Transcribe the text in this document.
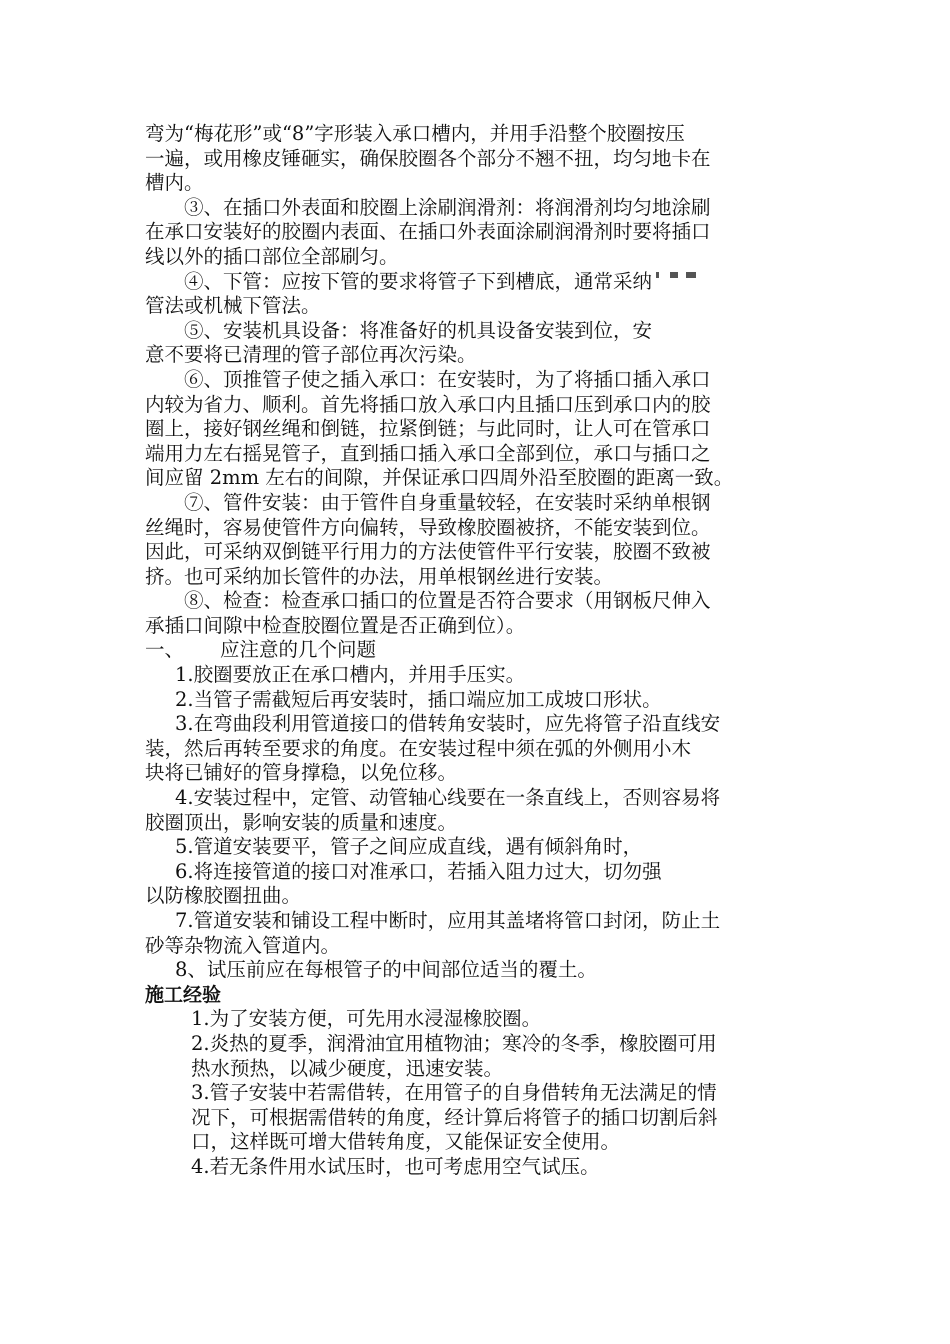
弯为“梅花形”或“8”字形装入承口槽内，并用手沿整个胶圈按压

一遍，或用橡皮锤砸实，确保胶圈各个部分不翘不扭，均匀地卡在

槽内。

③、在插口外表面和胶圈上涂刷润滑剂：将润滑剂均匀地涂刷

在承口安装好的胶圈内表面、在插口外表面涂刷润滑剂时要将插口

线以外的插口部位全部刷匀。

④、下管：应按下管的要求将管子下到槽底，通常采纳

管法或机械下管法。

⑤、安装机具设备：将准备好的机具设备安装到位，安

意不要将已清理的管子部位再次污染。

⑥、顶推管子使之插入承口：在安装时，为了将插口插入承口

内较为省力、顺利。首先将插口放入承口内且插口压到承口内的胶

圈上，接好钢丝绳和倒链，拉紧倒链；与此同时，让人可在管承口

端用力左右摇晃管子，直到插口插入承口全部到位，承口与插口之

间应留 2mm 左右的间隙，并保证承口四周外沿至胶圈的距离一致。

⑦、管件安装：由于管件自身重量较轻，在安装时采纳单根钢

丝绳时，容易使管件方向偏转，导致橡胶圈被挤，不能安装到位。

因此，可采纳双倒链平行用力的方法使管件平行安装，胶圈不致被

挤。也可采纳加长管件的办法，用单根钢丝进行安装。

⑧、检查：检查承口插口的位置是否符合要求（用钢板尺伸入

承插口间隙中检查胶圈位置是否正确到位）。

一、 应注意的几个问题

1.胶圈要放正在承口槽内，并用手压实。

2.当管子需截短后再安装时，插口端应加工成坡口形状。

3.在弯曲段利用管道接口的借转角安装时，应先将管子沿直线安

装，然后再转至要求的角度。在安装过程中须在弧的外侧用小木

块将已铺好的管身撑稳，以免位移。

4.安装过程中，定管、动管轴心线要在一条直线上，否则容易将

胶圈顶出，影响安装的质量和速度。

5.管道安装要平，管子之间应成直线，遇有倾斜角时，

6.将连接管道的接口对准承口，若插入阻力过大，切勿强

以防橡胶圈扭曲。

7.管道安装和铺设工程中断时，应用其盖堵将管口封闭，防止土

砂等杂物流入管道内。

8、试压前应在每根管子的中间部位适当的覆土。

施工经验

1.为了安装方便，可先用水浸湿橡胶圈。

2.炎热的夏季，润滑油宜用植物油；寒冷的冬季，橡胶圈可用

热水预热，以减少硬度，迅速安装。

3.管子安装中若需借转，在用管子的自身借转角无法满足的情

况下，可根据需借转的角度，经计算后将管子的插口切割后斜

口，这样既可增大借转角度，又能保证安全使用。

4.若无条件用水试压时，也可考虑用空气试压。
